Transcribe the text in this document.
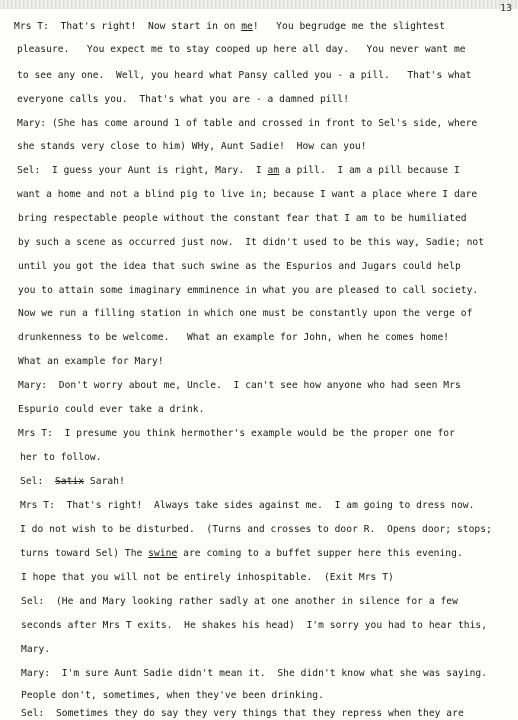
13
Mrs T:  That's right!  Now start in on me!   You begrudge me the slightest
pleasure.   You expect me to stay cooped up here all day.   You never want me
to see any one.  Well, you heard what Pansy called you - a pill.   That's what
everyone calls you.  That's what you are - a damned pill!
Mary: (She has come around 1 of table and crossed in front to Sel's side, where
she stands very close to him) WHy, Aunt Sadie!  How can you!
Sel:  I guess your Aunt is right, Mary.  I am a pill.  I am a pill because I
want a home and not a blind pig to live in; because I want a place where I dare
bring respectable people without the constant fear that I am to be humiliated
by such a scene as occurred just now.  It didn't used to be this way, Sadie; not
until you got the idea that such swine as the Espurios and Jugars could help
you to attain some imaginary emminence in what you are pleased to call society.
Now we run a filling station in which one must be constantly upon the verge of
drunkenness to be welcome.   What an example for John, when he comes home!
What an example for Mary!
Mary:  Don't worry about me, Uncle.  I can't see how anyone who had seen Mrs
Espurio could ever take a drink.
Mrs T:  I presume you think hermother's example would be the proper one for
her to follow.
Sel:  Satix Sarah!
Mrs T:  That's right!  Always take sides against me.  I am going to dress now.
I do not wish to be disturbed.  (Turns and crosses to door R.  Opens door; stops;
turns toward Sel) The swine are coming to a buffet supper here this evening.
I hope that you will not be entirely inhospitable.  (Exit Mrs T)
Sel:  (He and Mary looking rather sadly at one another in silence for a few
seconds after Mrs T exits.  He shakes his head)  I'm sorry you had to hear this,
Mary.
Mary:  I'm sure Aunt Sadie didn't mean it.  She didn't know what she was saying.
People don't, sometimes, when they've been drinking.
Sel:  Sometimes they do say they very things that they repress when they are
